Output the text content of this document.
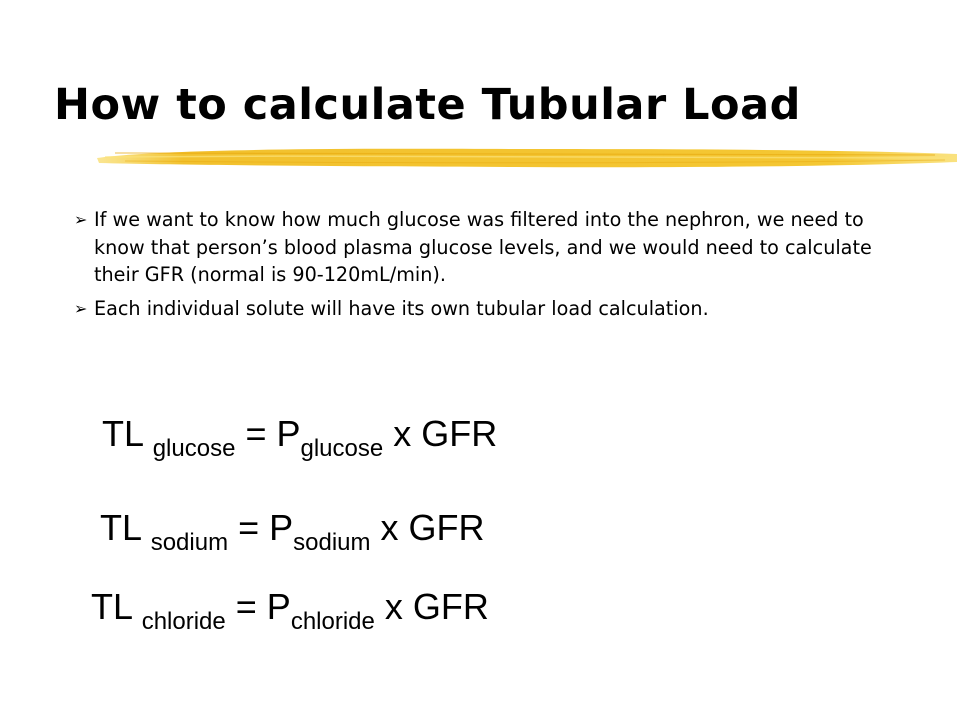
How to calculate Tubular Load
➢ If we want to know how much glucose was filtered into the nephron, we need to know that person’s blood plasma glucose levels, and we would need to calculate their GFR (normal is 90-120mL/min).
➢ Each individual solute will have its own tubular load calculation.
TL $_{glucose} = P_{glucose}$ x GFR
TL $_{sodium} = P_{sodium}$ x GFR
TL $_{chloride} = P_{chloride}$ x GFR
